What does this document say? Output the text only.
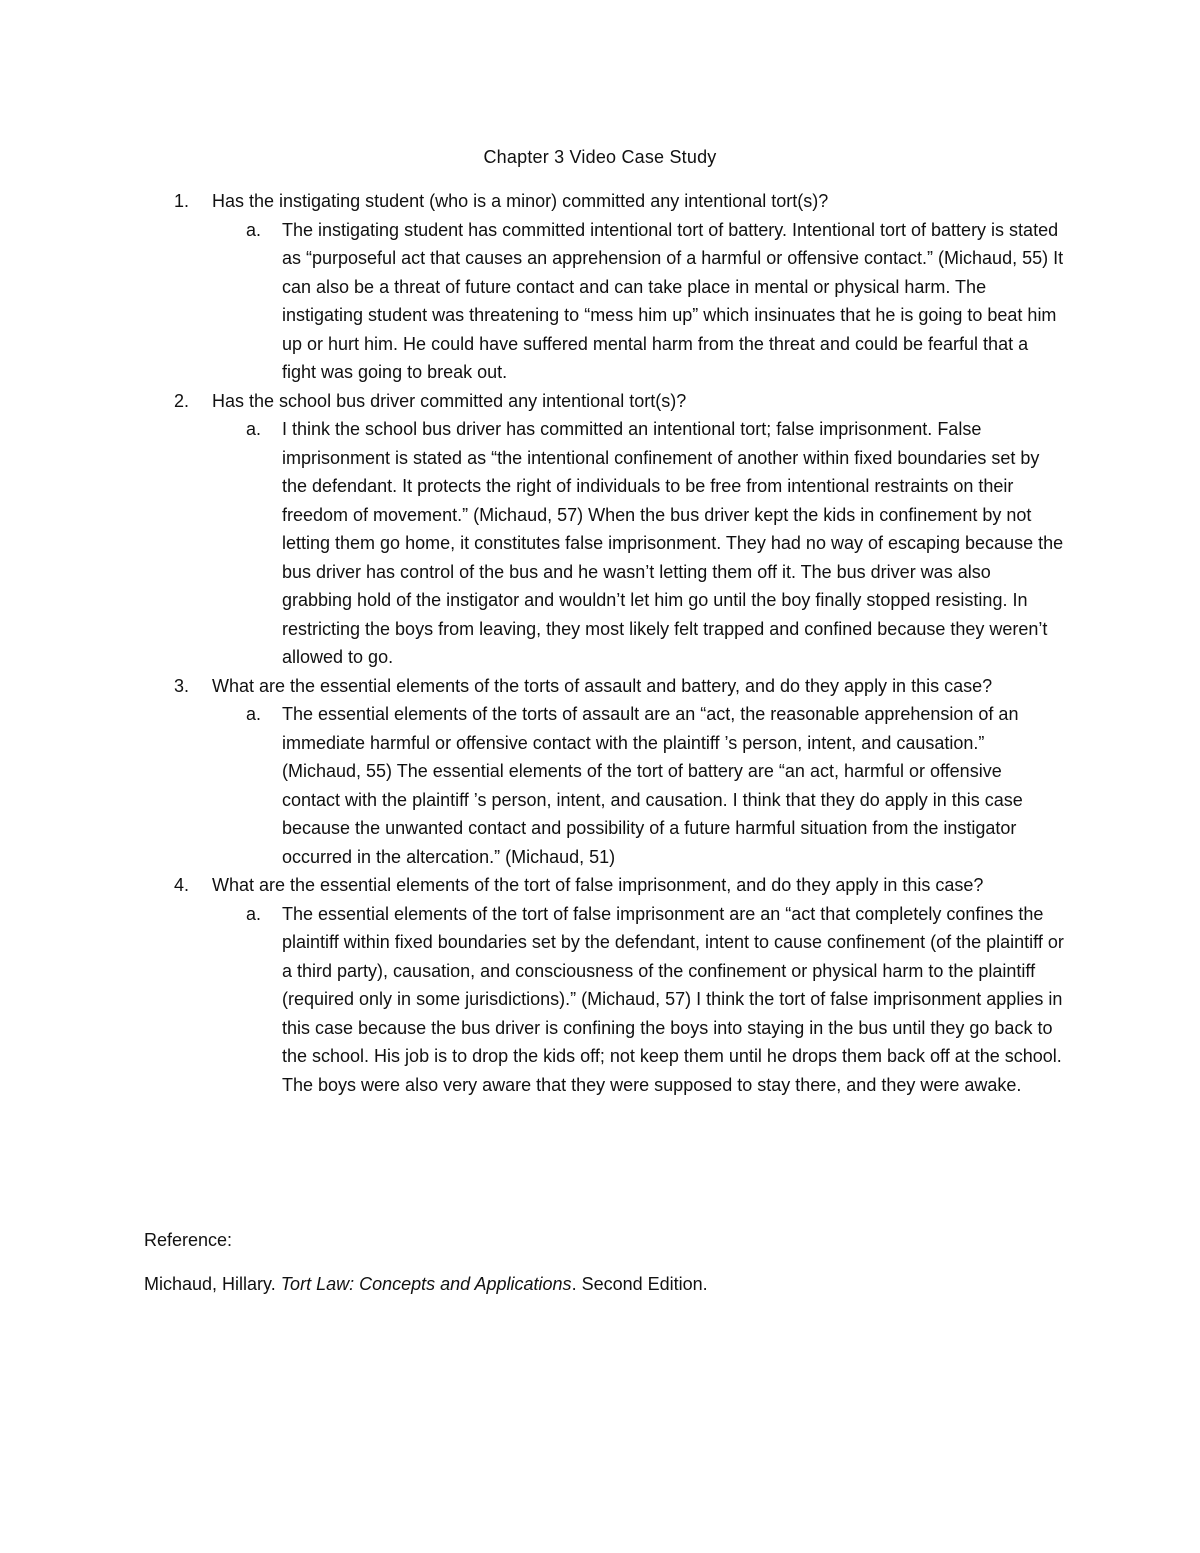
Chapter 3 Video Case Study
1. Has the instigating student (who is a minor) committed any intentional tort(s)?
a. The instigating student has committed intentional tort of battery. Intentional tort of battery is stated as “purposeful act that causes an apprehension of a harmful or offensive contact.” (Michaud, 55) It can also be a threat of future contact and can take place in mental or physical harm. The instigating student was threatening to “mess him up” which insinuates that he is going to beat him up or hurt him. He could have suffered mental harm from the threat and could be fearful that a fight was going to break out.
2. Has the school bus driver committed any intentional tort(s)?
a. I think the school bus driver has committed an intentional tort; false imprisonment. False imprisonment is stated as “the intentional confinement of another within fixed boundaries set by the defendant. It protects the right of individuals to be free from intentional restraints on their freedom of movement.” (Michaud, 57) When the bus driver kept the kids in confinement by not letting them go home, it constitutes false imprisonment. They had no way of escaping because the bus driver has control of the bus and he wasn’t letting them off it. The bus driver was also grabbing hold of the instigator and wouldn’t let him go until the boy finally stopped resisting. In restricting the boys from leaving, they most likely felt trapped and confined because they weren’t allowed to go.
3. What are the essential elements of the torts of assault and battery, and do they apply in this case?
a. The essential elements of the torts of assault are an “act, the reasonable apprehension of an immediate harmful or offensive contact with the plaintiff ’s person, intent, and causation.” (Michaud, 55) The essential elements of the tort of battery are “an act, harmful or offensive contact with the plaintiff ’s person, intent, and causation. I think that they do apply in this case because the unwanted contact and possibility of a future harmful situation from the instigator occurred in the altercation.” (Michaud, 51)
4. What are the essential elements of the tort of false imprisonment, and do they apply in this case?
a. The essential elements of the tort of false imprisonment are an “act that completely confines the plaintiff within fixed boundaries set by the defendant, intent to cause confinement (of the plaintiff or a third party), causation, and consciousness of the confinement or physical harm to the plaintiff (required only in some jurisdictions).” (Michaud, 57) I think the tort of false imprisonment applies in this case because the bus driver is confining the boys into staying in the bus until they go back to the school. His job is to drop the kids off; not keep them until he drops them back off at the school. The boys were also very aware that they were supposed to stay there, and they were awake.
Reference:
Michaud, Hillary. Tort Law: Concepts and Applications. Second Edition.
